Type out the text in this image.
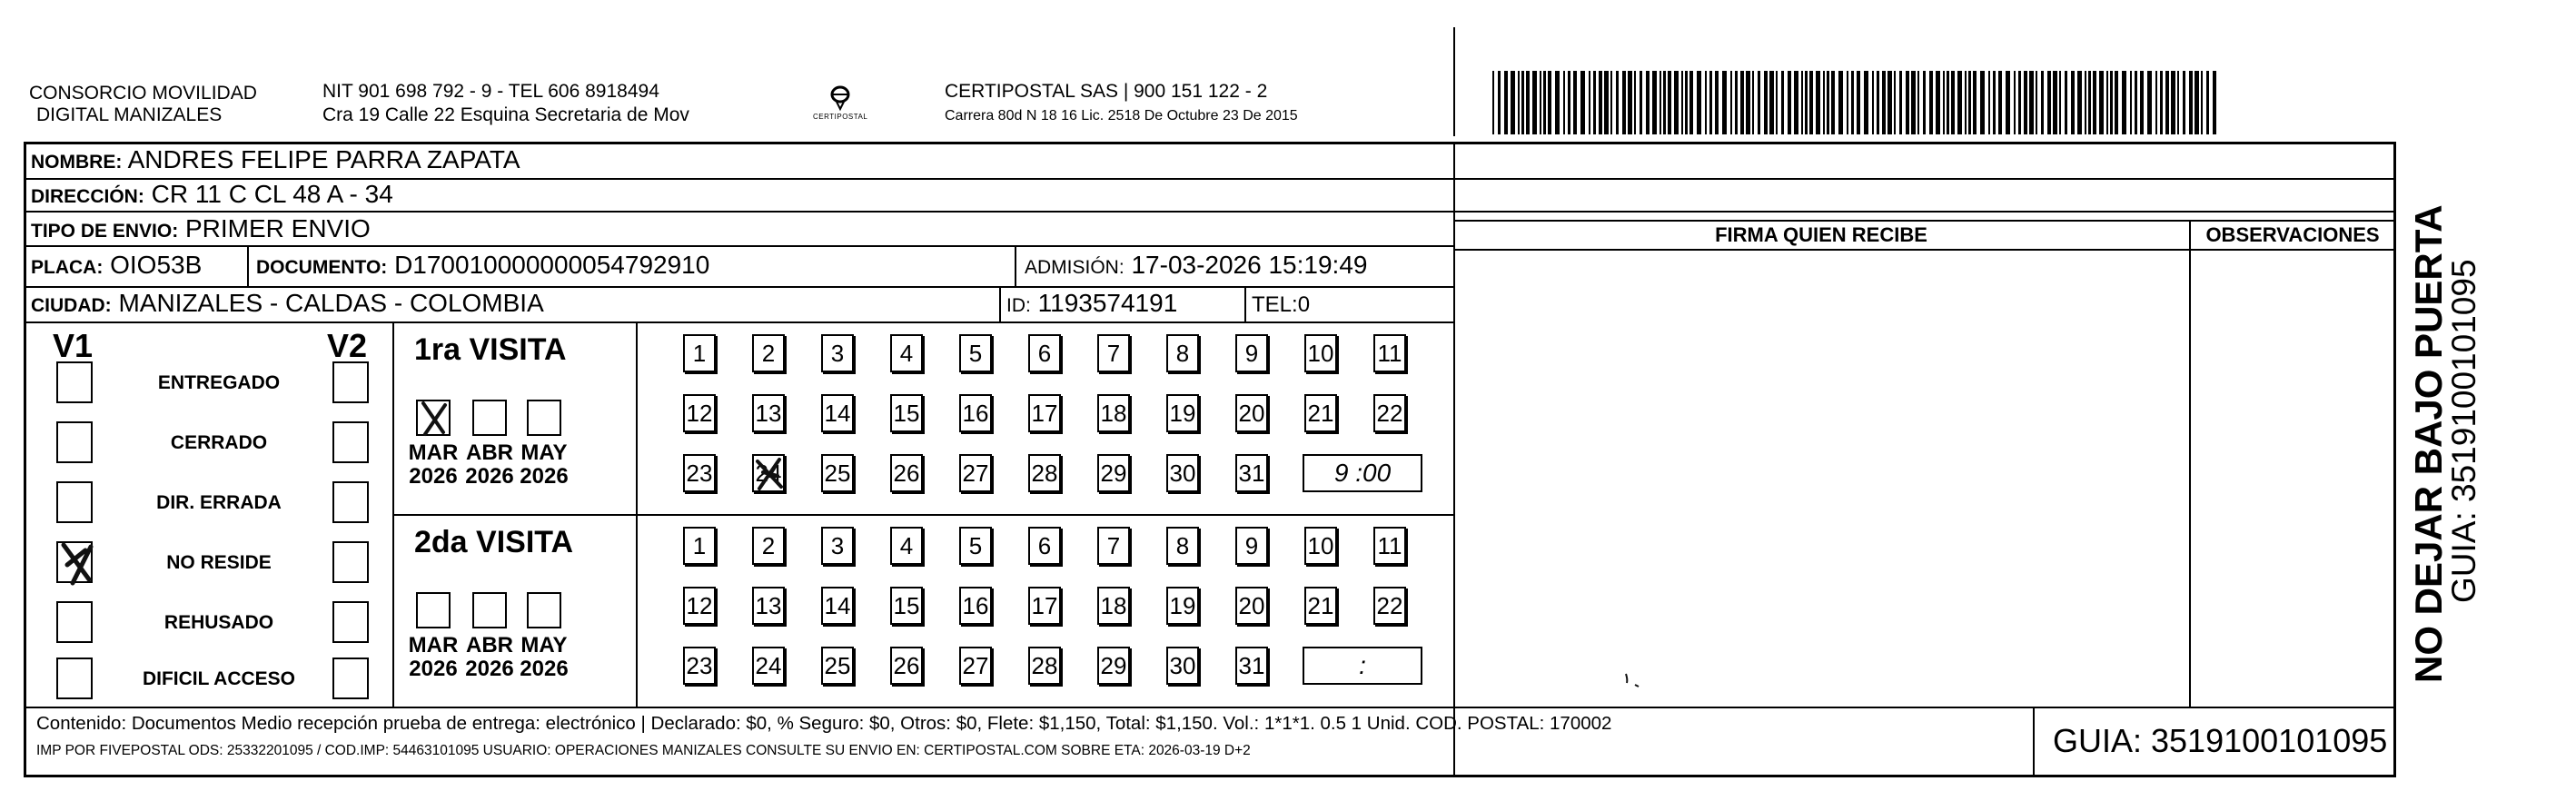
CONSORCIO MOVILIDAD
DIGITAL MANIZALES
NIT 901 698 792 - 9 - TEL 606 8918494
Cra 19 Calle 22 Esquina Secretaria de Mov	CERTIPOSTAL
CERTIPOSTAL SAS | 900 151 122 - 2
Carrera 80d N 18 16 Lic. 2518 De Octubre 23 De 2015
NOMBRE: ANDRES FELIPE PARRA ZAPATA
DIRECCIÓN: CR 11 C CL 48 A - 34
TIPO DE ENVIO: PRIMER ENVIO
PLACA: OIO53B	DOCUMENTO: D170010000000054792910	ADMISIÓN: 17-03-2026 15:19:49
CIUDAD: MANIZALES - CALDAS - COLOMBIA	ID: 1193574191	TEL:0
FIRMA QUIEN RECIBE	OBSERVACIONES
V1	V2
ENTREGADO
CERRADO
DIR. ERRADA
NO RESIDE
REHUSADO
DIFICIL ACCESO
1ra VISITA
2da VISITA
MAR
2026
ABR
2026
MAY
2026
1	2	3	4	5	6	7	8	9	10 11
12 13 14 15 16 17 18 19 20 21 22
23 24 25 26 27 28 29 30 31	9 :00
MAR
2026
ABR
2026
MAY
2026
1	2	3	4	5	6	7	8	9	10 11
12 13 14 15 16 17 18 19 20 21 22
23 24 25 26 27 28 29 30 31	:	NO DEJAR BAJO PUERTA
GUIA: 3519100101095
Contenido: Documentos Medio recepción prueba de entrega: electrónico | Declarado: $0, % Seguro: $0, Otros: $0, Flete: $1,150, Total: $1,150. Vol.: 1*1*1. 0.5 1 Unid. COD. POSTAL: 170002
IMP POR FIVEPOSTAL ODS: 25332201095 / COD.IMP: 54463101095 USUARIO: OPERACIONES MANIZALES CONSULTE SU ENVIO EN: CERTIPOSTAL.COM SOBRE ETA: 2026-03-19 D+2	GUIA: 3519100101095
